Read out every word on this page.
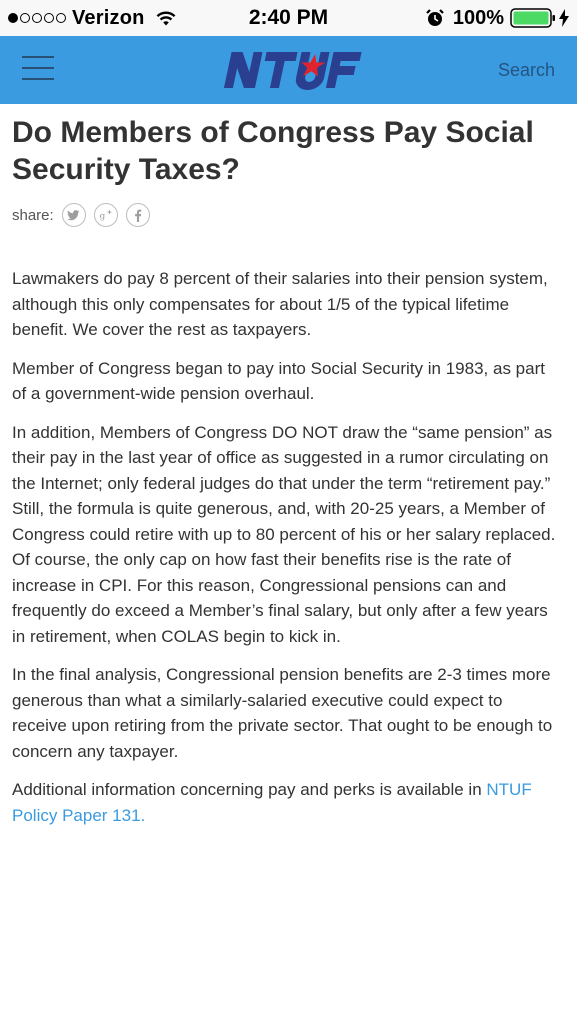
Verizon	2:40 PM	100%
Search
Do Members of Congress Pay Social Security Taxes?
share:	g

Lawmakers do pay 8 percent of their salaries into their pension system, although this only compensates for about 1/5 of the typical lifetime benefit. We cover the rest as taxpayers.

Member of Congress began to pay into Social Security in 1983, as part of a government-wide pension overhaul.

In addition, Members of Congress DO NOT draw the “same pension” as their pay in the last year of office as suggested in a rumor circulating on the Internet; only federal judges do that under the term “retirement pay.” Still, the formula is quite generous, and, with 20-25 years, a Member of Congress could retire with up to 80 percent of his or her salary replaced. Of course, the only cap on how fast their benefits rise is the rate of increase in CPI. For this reason, Congressional pensions can and frequently do exceed a Member’s final salary, but only after a few years in retirement, when COLAS begin to kick in.

In the final analysis, Congressional pension benefits are 2-3 times more generous than what a similarly-salaried executive could expect to receive upon retiring from the private sector. That ought to be enough to concern any taxpayer.

Additional information concerning pay and perks is available in NTUF Policy Paper 131.
